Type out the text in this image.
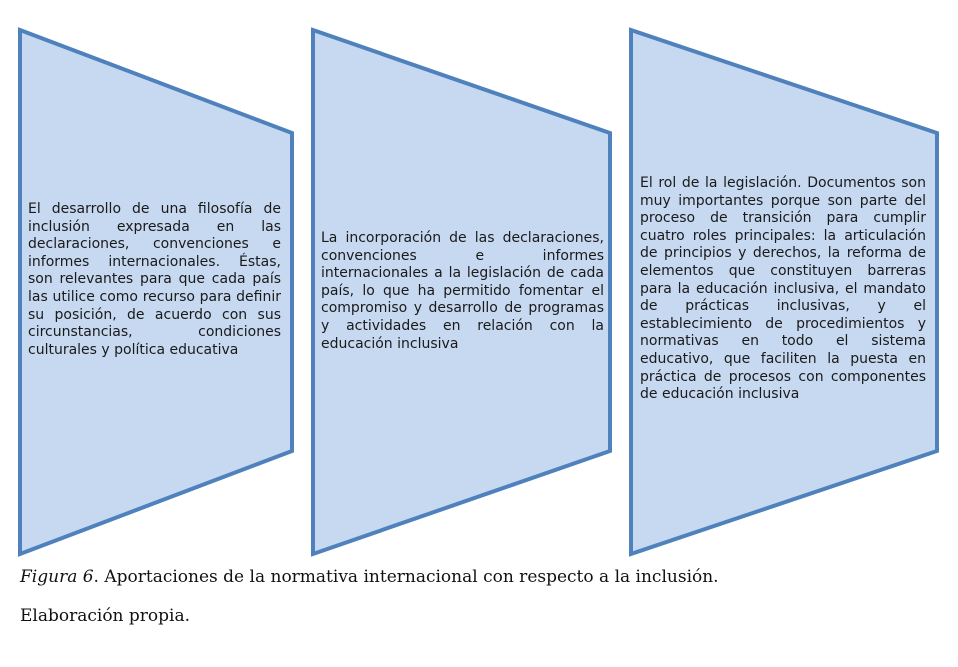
El desarrollo de una filosofía de inclusión expresada en las declaraciones, convenciones e informes internacionales. Éstas, son relevantes para que cada país las utilice como recurso para definir su posición, de acuerdo con sus circunstancias, condiciones culturales y política educativa

La incorporación de las declaraciones, convenciones e informes internacionales a la legislación de cada país, lo que ha permitido fomentar el compromiso y desarrollo de programas y actividades en relación con la educación inclusiva

El rol de la legislación. Documentos son muy importantes porque son parte del proceso de transición para cumplir cuatro roles principales: la articulación de principios y derechos, la reforma de elementos que constituyen barreras para la educación inclusiva, el mandato de prácticas inclusivas, y el establecimiento de procedimientos y normativas en todo el sistema educativo, que faciliten la puesta en práctica de procesos con componentes de educación inclusiva

Figura 6. Aportaciones de la normativa internacional con respecto a la inclusión.

Elaboración propia.
